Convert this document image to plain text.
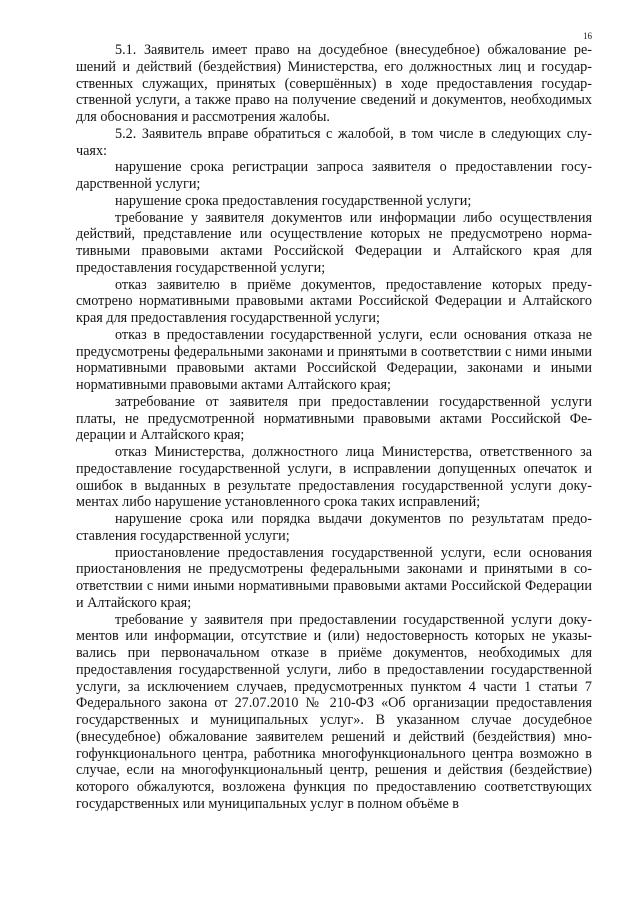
16

5.1. Заявитель имеет право на досудебное (внесудебное) обжалование решений и действий (бездействия) Министерства, его должностных лиц и государственных служащих, принятых (совершённых) в ходе предоставления государственной услуги, а также право на получение сведений и документов, необходимых для обоснования и рассмотрения жалобы.

5.2. Заявитель вправе обратиться с жалобой, в том числе в следующих случаях:

нарушение срока регистрации запроса заявителя о предоставлении государственной услуги;

нарушение срока предоставления государственной услуги;

требование у заявителя документов или информации либо осуществления действий, представление или осуществление которых не предусмотрено нормативными правовыми актами Российской Федерации и Алтайского края для предоставления государственной услуги;

отказ заявителю в приёме документов, предоставление которых предусмотрено нормативными правовыми актами Российской Федерации и Алтайского края для предоставления государственной услуги;

отказ в предоставлении государственной услуги, если основания отказа не предусмотрены федеральными законами и принятыми в соответствии с ними иными нормативными правовыми актами Российской Федерации, законами и иными нормативными правовыми актами Алтайского края;

затребование от заявителя при предоставлении государственной услуги платы, не предусмотренной нормативными правовыми актами Российской Федерации и Алтайского края;

отказ Министерства, должностного лица Министерства, ответственного за предоставление государственной услуги, в исправлении допущенных опечаток и ошибок в выданных в результате предоставления государственной услуги документах либо нарушение установленного срока таких исправлений;

нарушение срока или порядка выдачи документов по результатам предоставления государственной услуги;

приостановление предоставления государственной услуги, если основания приостановления не предусмотрены федеральными законами и принятыми в соответствии с ними иными нормативными правовыми актами Российской Федерации и Алтайского края;

требование у заявителя при предоставлении государственной услуги документов или информации, отсутствие и (или) недостоверность которых не указывались при первоначальном отказе в приёме документов, необходимых для предоставления государственной услуги, либо в предоставлении государственной услуги, за исключением случаев, предусмотренных пунктом 4 части 1 статьи 7 Федерального закона от 27.07.2010 № 210-ФЗ «Об организации предоставления государственных и муниципальных услуг». В указанном случае досудебное (внесудебное) обжалование заявителем решений и действий (бездействия) многофункционального центра, работника многофункционального центра возможно в случае, если на многофункциональный центр, решения и действия (бездействие) которого обжалуются, возложена функция по предоставлению соответствующих государственных или муниципальных услуг в полном объёме в
